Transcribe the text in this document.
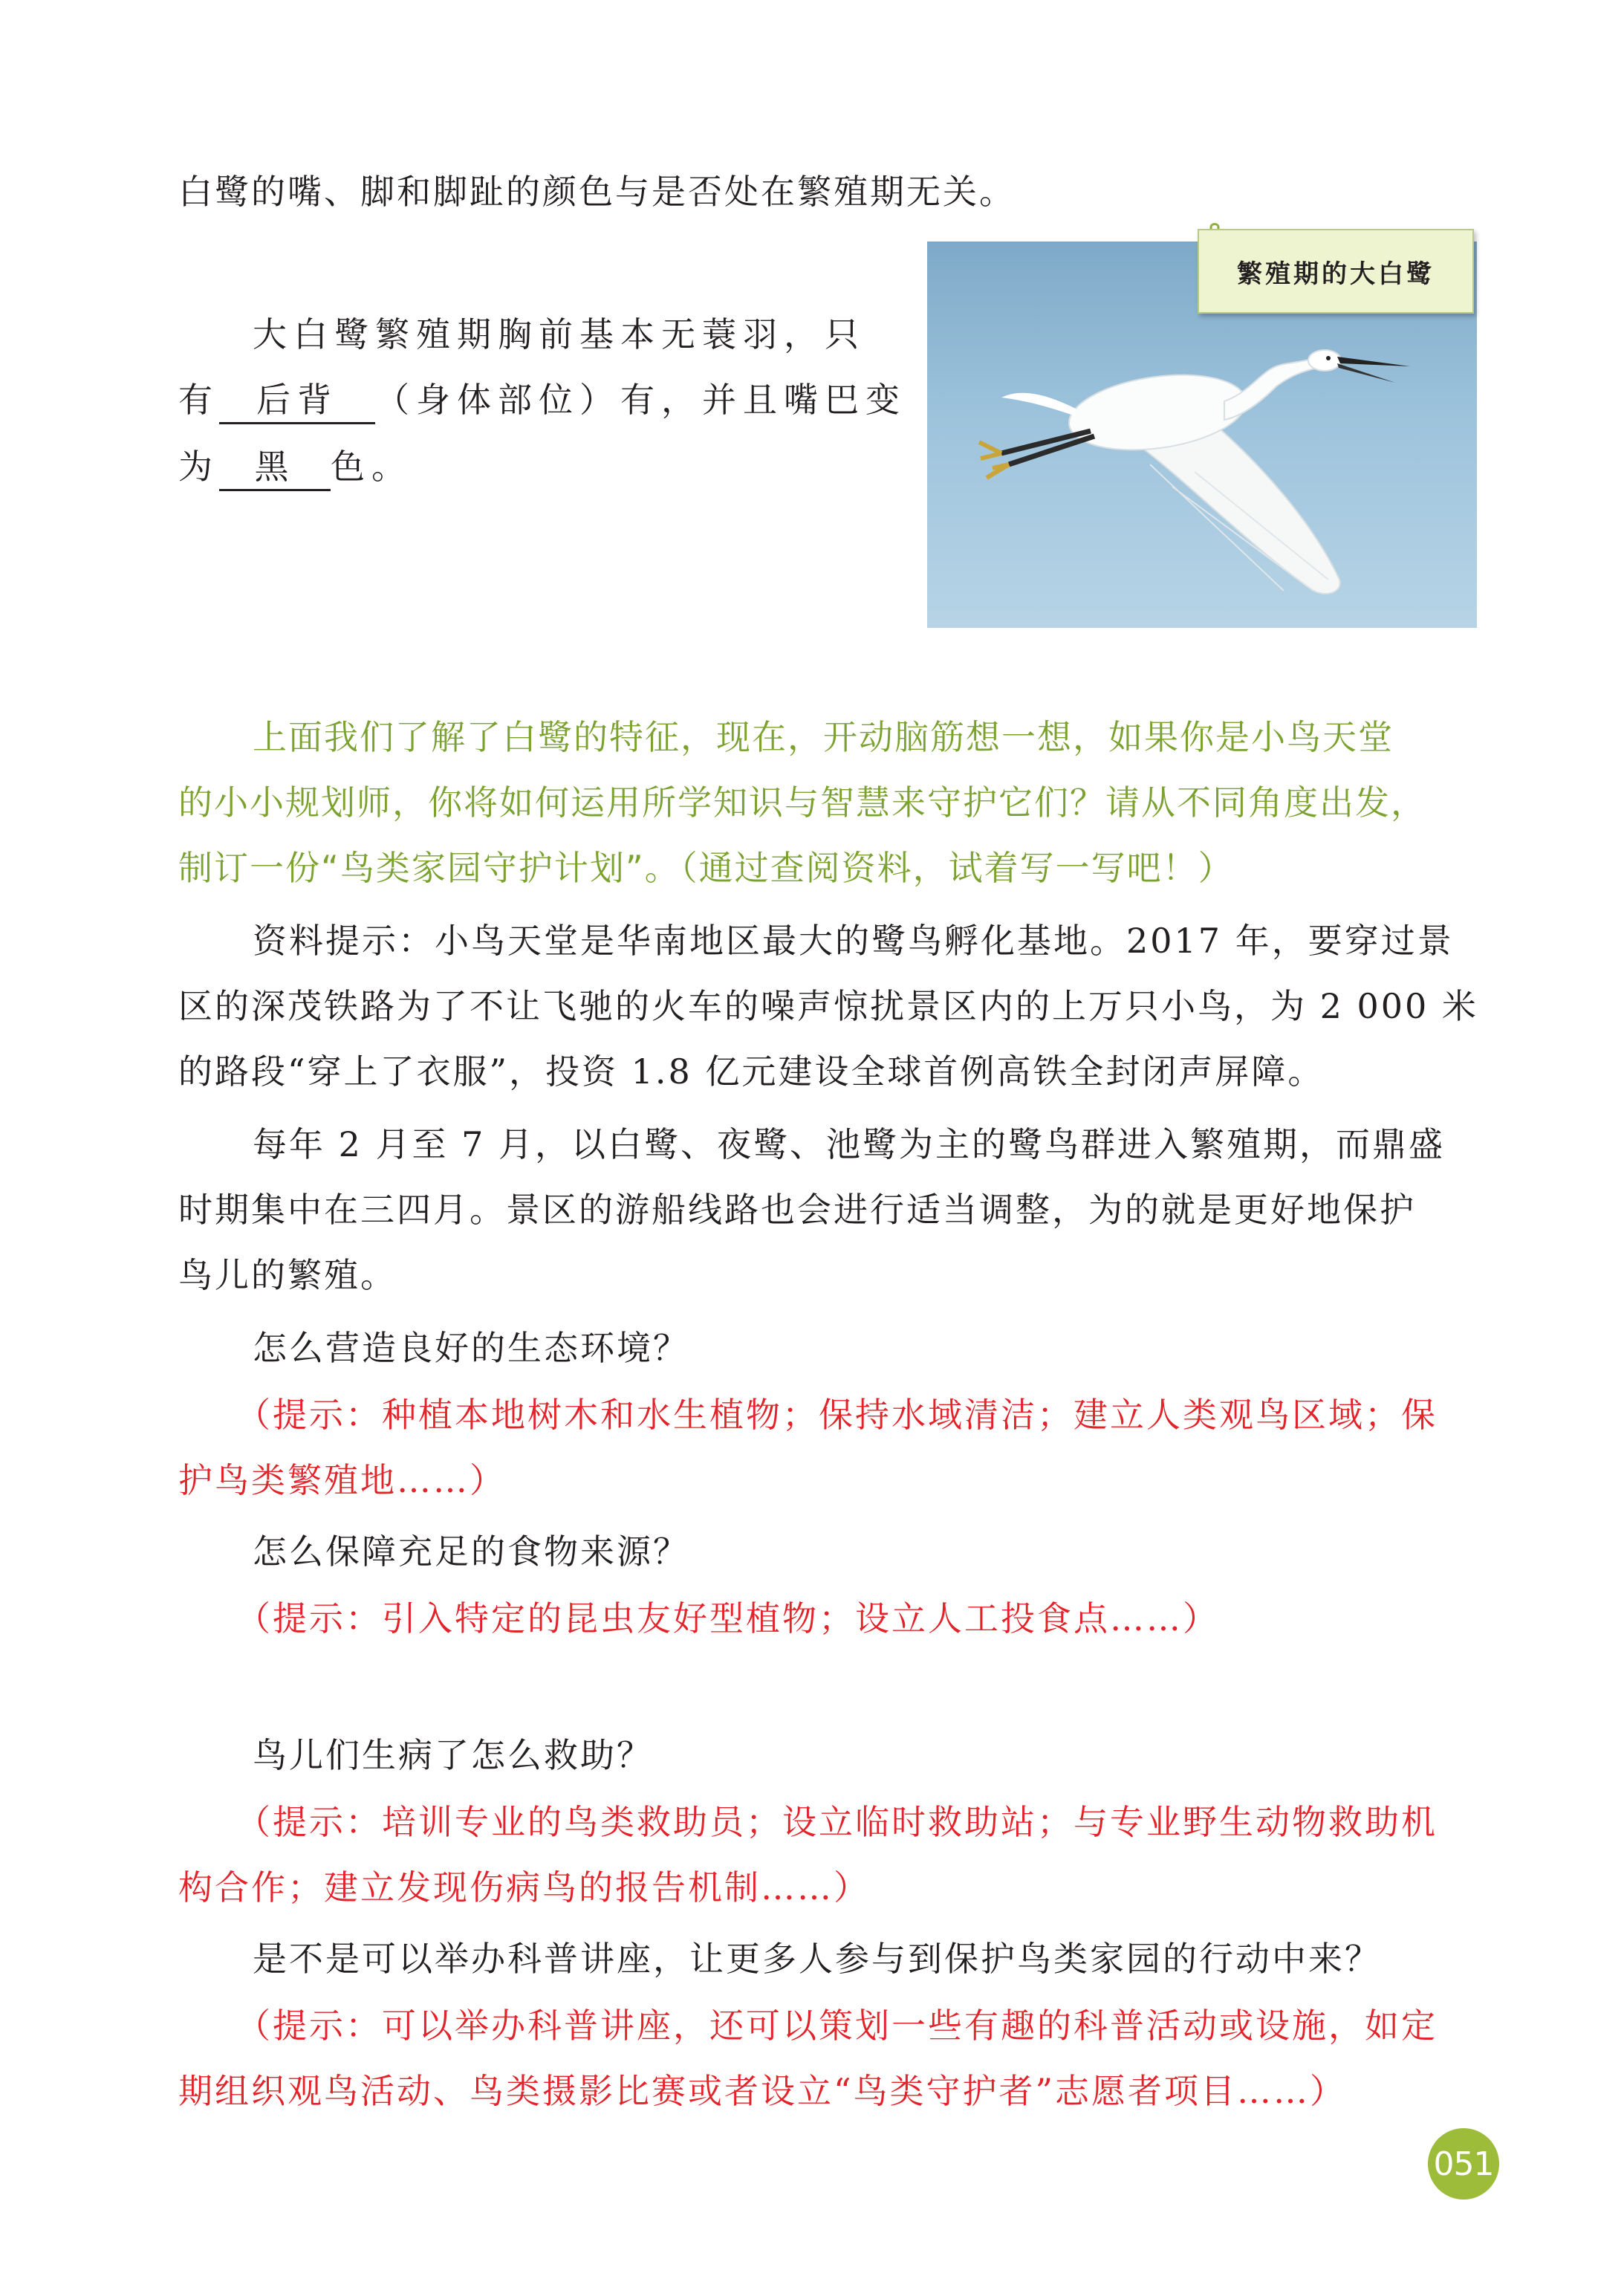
白鹭的嘴、脚和脚趾的颜色与是否处在繁殖期无关。
大白鹭繁殖期胸前基本无蓑羽，只
有 后背 （身体部位）有，并且嘴巴变
为 黑 色。
繁殖期的大白鹭
上面我们了解了白鹭的特征，现在，开动脑筋想一想，如果你是小鸟天堂
的小小规划师，你将如何运用所学知识与智慧来守护它们？请从不同角度出发，
制订一份“鸟类家园守护计划”。（通过查阅资料，试着写一写吧！）
资料提示：小鸟天堂是华南地区最大的鹭鸟孵化基地。2017 年，要穿过景
区的深茂铁路为了不让飞驰的火车的噪声惊扰景区内的上万只小鸟，为 2 000 米
的路段“穿上了衣服”，投资 1.8 亿元建设全球首例高铁全封闭声屏障。
每年 2 月至 7 月，以白鹭、夜鹭、池鹭为主的鹭鸟群进入繁殖期，而鼎盛
时期集中在三四月。景区的游船线路也会进行适当调整，为的就是更好地保护
鸟儿的繁殖。
怎么营造良好的生态环境？
（提示：种植本地树木和水生植物；保持水域清洁；建立人类观鸟区域；保
护鸟类繁殖地……）
怎么保障充足的食物来源？
（提示：引入特定的昆虫友好型植物；设立人工投食点……）
鸟儿们生病了怎么救助？
（提示：培训专业的鸟类救助员；设立临时救助站；与专业野生动物救助机
构合作；建立发现伤病鸟的报告机制……）
是不是可以举办科普讲座，让更多人参与到保护鸟类家园的行动中来？
（提示：可以举办科普讲座，还可以策划一些有趣的科普活动或设施，如定
期组织观鸟活动、鸟类摄影比赛或者设立“鸟类守护者”志愿者项目……）
051
